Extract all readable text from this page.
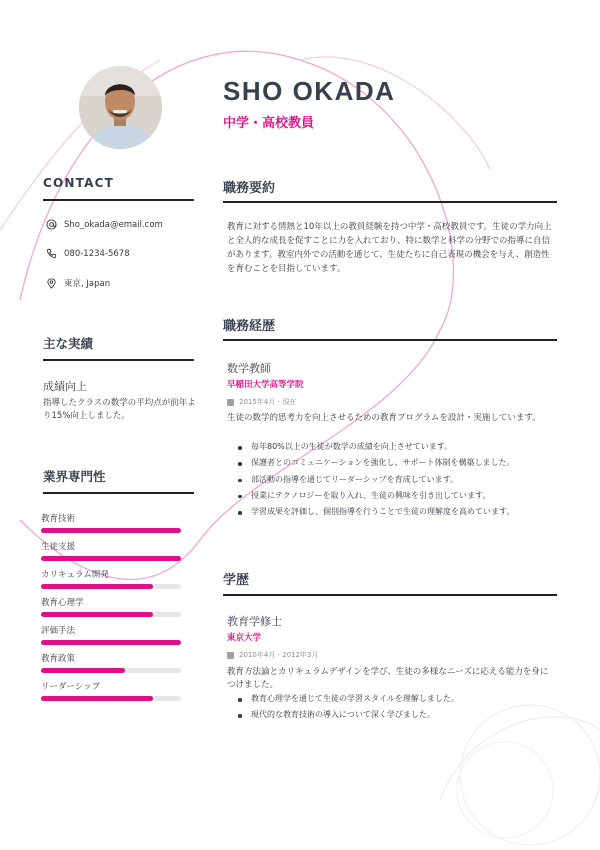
SHO OKADA
中学・高校教員
CONTACT
Sho_okada@email.com
080-1234-5678
東京, Japan
主な実績
成績向上
指導したクラスの数学の平均点が前年より15%向上しました。
業界専門性
教育技術
生徒支援
カリキュラム開発
教育心理学
評価手法
教育政策
リーダーシップ
職務要約
教育に対する情熱と10年以上の教員経験を持つ中学・高校教員です。生徒の学力向上と全人的な成長を促すことに力を入れており、特に数学と科学の分野での指導に自信があります。教室内外での活動を通じて、生徒たちに自己表現の機会を与え、創造性を育むことを目指しています。
職務経歴
数学教師
早稲田大学高等学院
2015年4月 - 現在
生徒の数学的思考力を向上させるための教育プログラムを設計・実施しています。
毎年80%以上の生徒が数学の成績を向上させています。
保護者とのコミュニケーションを強化し、サポート体制を構築しました。
部活動の指導を通じてリーダーシップを育成しています。
授業にテクノロジーを取り入れ、生徒の興味を引き出しています。
学習成果を評価し、個別指導を行うことで生徒の理解度を高めています。
学歴
教育学修士
東京大学
2010年4月 - 2012年3月
教育方法論とカリキュラムデザインを学び、生徒の多様なニーズに応える能力を身につけました。
教育心理学を通じて生徒の学習スタイルを理解しました。
現代的な教育技術の導入について深く学びました。
